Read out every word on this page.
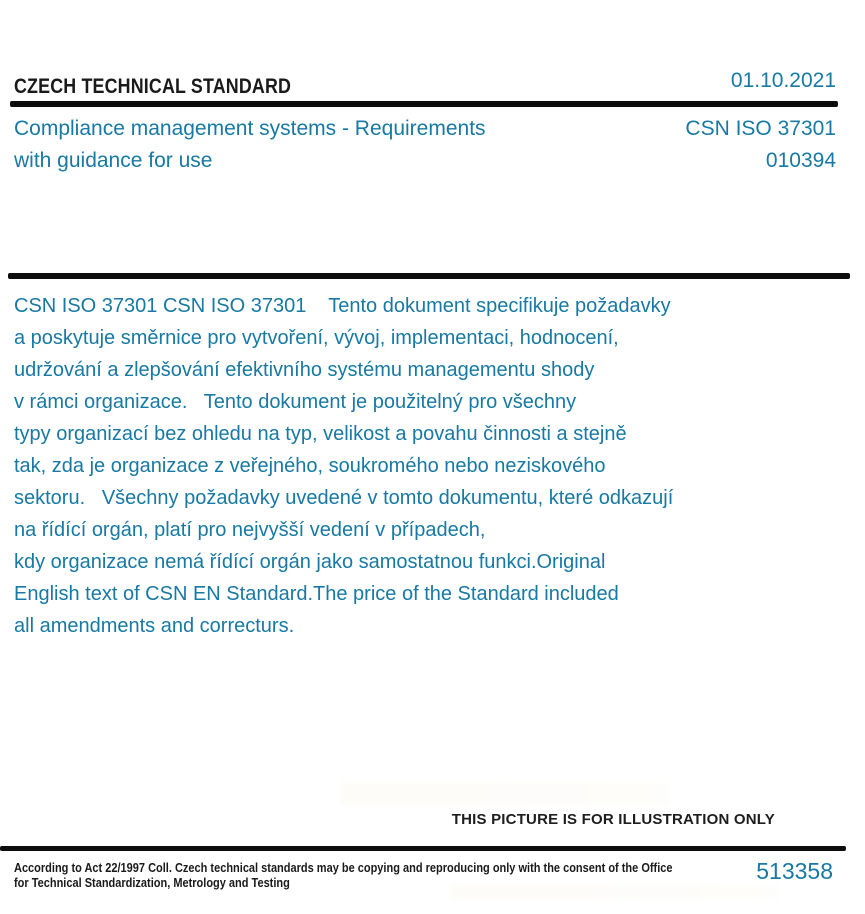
CZECH TECHNICAL STANDARD	01.10.2021
Compliance management systems - Requirements
with guidance for use
CSN ISO 37301
010394
CSN ISO 37301 CSN ISO 37301    Tento dokument specifikuje požadavky
a poskytuje směrnice pro vytvoření, vývoj, implementaci, hodnocení,
udržování a zlepšování efektivního systému managementu shody
v rámci organizace.   Tento dokument je použitelný pro všechny
typy organizací bez ohledu na typ, velikost a povahu činnosti a stejně
tak, zda je organizace z veřejného, soukromého nebo neziskového
sektoru.   Všechny požadavky uvedené v tomto dokumentu, které odkazují
na řídící orgán, platí pro nejvyšší vedení v případech,
kdy organizace nemá řídící orgán jako samostatnou funkci.Original
English text of CSN EN Standard.The price of the Standard included
all amendments and correcturs.
THIS PICTURE IS FOR ILLUSTRATION ONLY
According to Act 22/1997 Coll. Czech technical standards may be copying and reproducing only with the consent of the Office
for Technical Standardization, Metrology and Testing	513358
